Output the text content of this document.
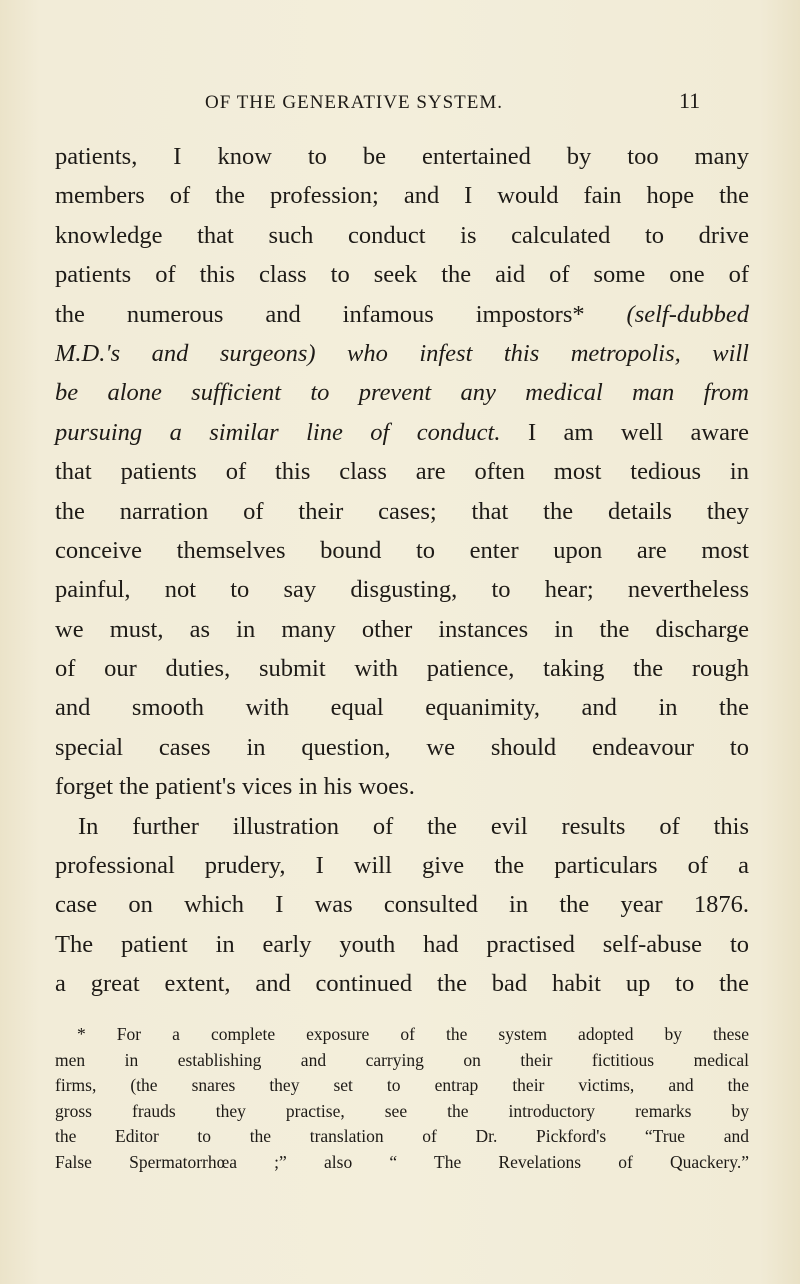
OF THE GENERATIVE SYSTEM.	11
patients, I know to be entertained by too many
members of the profession; and I would fain hope the
knowledge that such conduct is calculated to drive
patients of this class to seek the aid of some one of
the numerous and infamous impostors* (self-dubbed
M.D.'s and surgeons) who infest this metropolis, will
be alone sufficient to prevent any medical man from
pursuing a similar line of conduct. I am well aware
that patients of this class are often most tedious in
the narration of their cases; that the details they
conceive themselves bound to enter upon are most
painful, not to say disgusting, to hear; nevertheless
we must, as in many other instances in the discharge
of our duties, submit with patience, taking the rough
and smooth with equal equanimity, and in the
special cases in question, we should endeavour to
forget the patient's vices in his woes.
In further illustration of the evil results of this
professional prudery, I will give the particulars of a
case on which I was consulted in the year 1876.
The patient in early youth had practised self-abuse to
a great extent, and continued the bad habit up to the
* For a complete exposure of the system adopted by these
men in establishing and carrying on their fictitious medical
firms, (the snares they set to entrap their victims, and the
gross frauds they practise, see the introductory remarks by
the Editor to the translation of Dr. Pickford's “True and
False Spermatorrhœa ;” also “ The Revelations of Quackery.”
